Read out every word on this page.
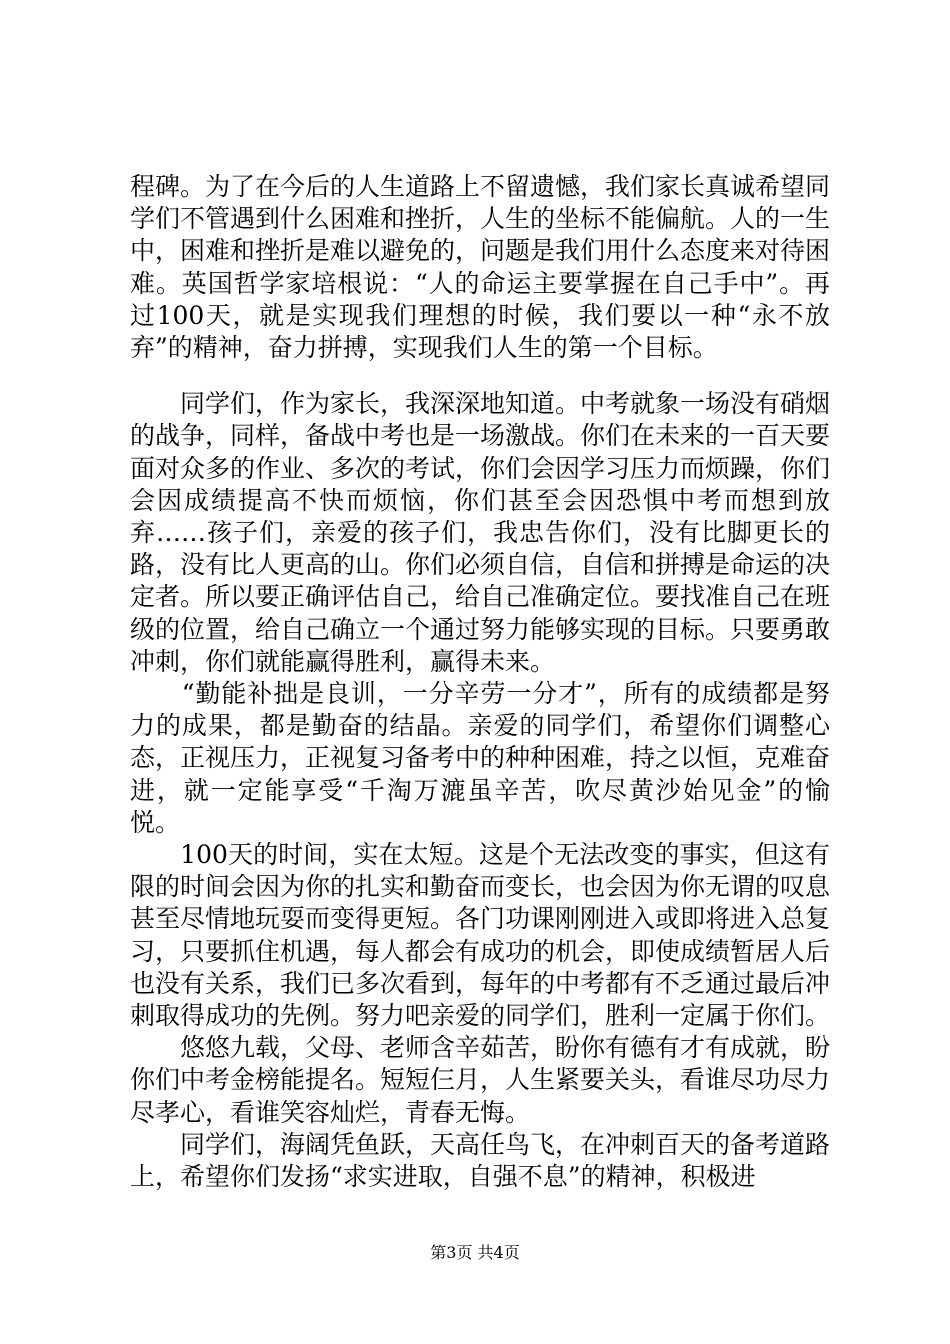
程碑。为了在今后的人生道路上不留遗憾，我们家长真诚希望同学们不管遇到什么困难和挫折，人生的坐标不能偏航。人的一生中，困难和挫折是难以避免的，问题是我们用什么态度来对待困难。英国哲学家培根说：“人的命运主要掌握在自己手中”。再过100天，就是实现我们理想的时候，我们要以一种“永不放弃”的精神，奋力拼搏，实现我们人生的第一个目标。

　　同学们，作为家长，我深深地知道。中考就象一场没有硝烟的战争，同样，备战中考也是一场激战。你们在未来的一百天要面对众多的作业、多次的考试，你们会因学习压力而烦躁，你们会因成绩提高不快而烦恼，你们甚至会因恐惧中考而想到放弃……孩子们，亲爱的孩子们，我忠告你们，没有比脚更长的路，没有比人更高的山。你们必须自信，自信和拼搏是命运的决定者。所以要正确评估自己，给自己准确定位。要找准自己在班级的位置，给自己确立一个通过努力能够实现的目标。只要勇敢冲刺，你们就能赢得胜利，赢得未来。

　　“勤能补拙是良训，一分辛劳一分才”，所有的成绩都是努力的成果，都是勤奋的结晶。亲爱的同学们，希望你们调整心态，正视压力，正视复习备考中的种种困难，持之以恒，克难奋进，就一定能享受“千淘万漉虽辛苦，吹尽黄沙始见金”的愉悦。

　　100天的时间，实在太短。这是个无法改变的事实，但这有限的时间会因为你的扎实和勤奋而变长，也会因为你无谓的叹息甚至尽情地玩耍而变得更短。各门功课刚刚进入或即将进入总复习，只要抓住机遇，每人都会有成功的机会，即使成绩暂居人后也没有关系，我们已多次看到，每年的中考都有不乏通过最后冲刺取得成功的先例。努力吧亲爱的同学们，胜利一定属于你们。

　　悠悠九载，父母、老师含辛茹苦，盼你有德有才有成就，盼你们中考金榜能提名。短短仨月，人生紧要关头，看谁尽功尽力尽孝心，看谁笑容灿烂，青春无悔。

　　同学们，海阔凭鱼跃，天高任鸟飞，在冲刺百天的备考道路上，希望你们发扬“求实进取，自强不息”的精神，积极进

第3页 共4页
